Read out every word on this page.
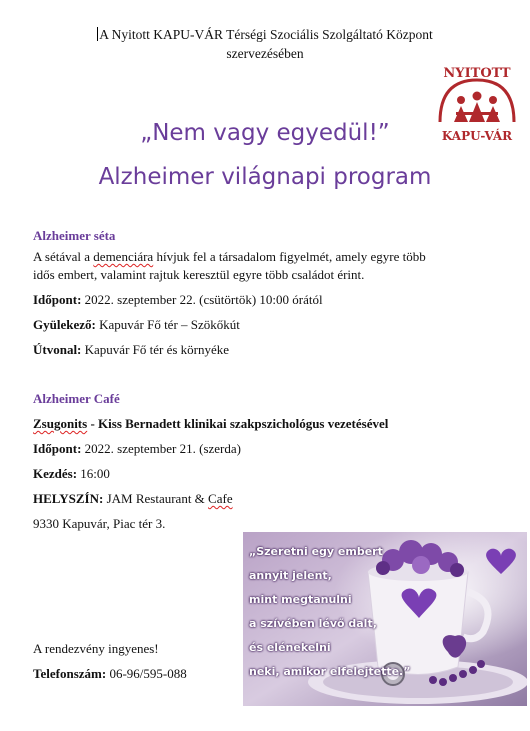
A Nyitott KAPU-VÁR Térségi Szociális Szolgáltató Központ
szervezésében
NYITOTT
KAPU-VÁR
„Nem vagy egyedül!”
Alzheimer világnapi program
Alzheimer séta
A sétával a demenciára hívjuk fel a társadalom figyelmét, amely egyre több
idős embert, valamint rajtuk keresztül egyre több családot érint.
Időpont: 2022. szeptember 22. (csütörtök) 10:00 órától
Gyülekező: Kapuvár Fő tér – Szökőkút
Útvonal: Kapuvár Fő tér és környéke
Alzheimer Café
Zsugonits - Kiss Bernadett klinikai szakpszichológus vezetésével
Időpont: 2022. szeptember 21. (szerda)
Kezdés: 16:00
HELYSZÍN: JAM Restaurant & Cafe
9330 Kapuvár, Piac tér 3.
A rendezvény ingyenes!
Telefonszám: 06-96/595-088
„Szeretni egy embert
annyit jelent,
mint megtanulni
a szívében lévő dalt,
és elénekelni
neki, amikor elfelejtette.”
